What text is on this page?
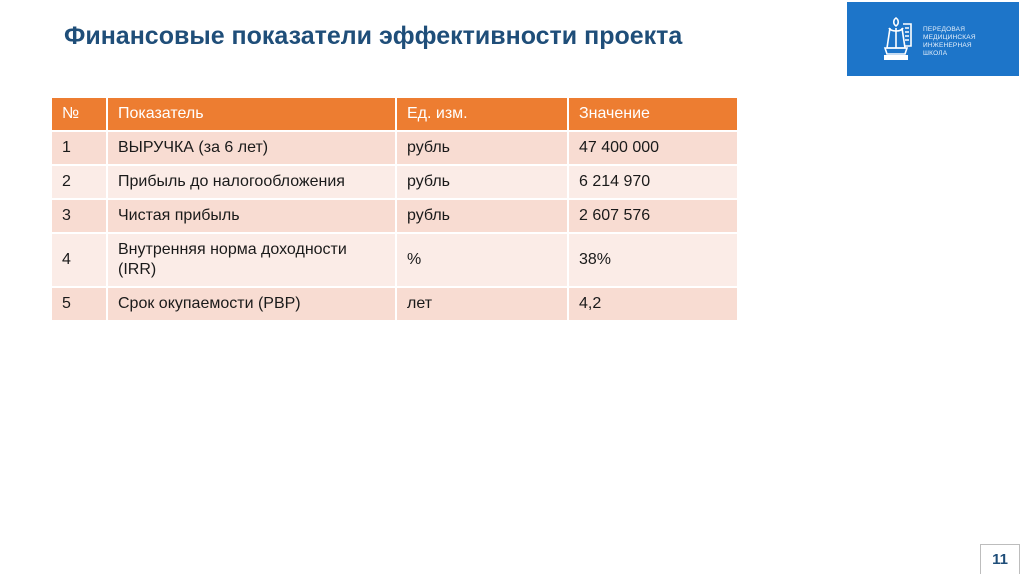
Финансовые показатели эффективности проекта	ПЕРЕДОВАЯ
МЕДИЦИНСКАЯ
ИНЖЕНЕРНАЯ
ШКОЛА
№	Показатель	Ед. изм.	Значение
1	ВЫРУЧКА (за 6 лет)	рубль	47 400 000
2	Прибыль до налогообложения	рубль	6 214 970
3	Чистая прибыль	рубль	2 607 576
4	Внутренняя норма доходности (IRR)	%	38%
5	Срок окупаемости (PBP)	лет	4,2
11
